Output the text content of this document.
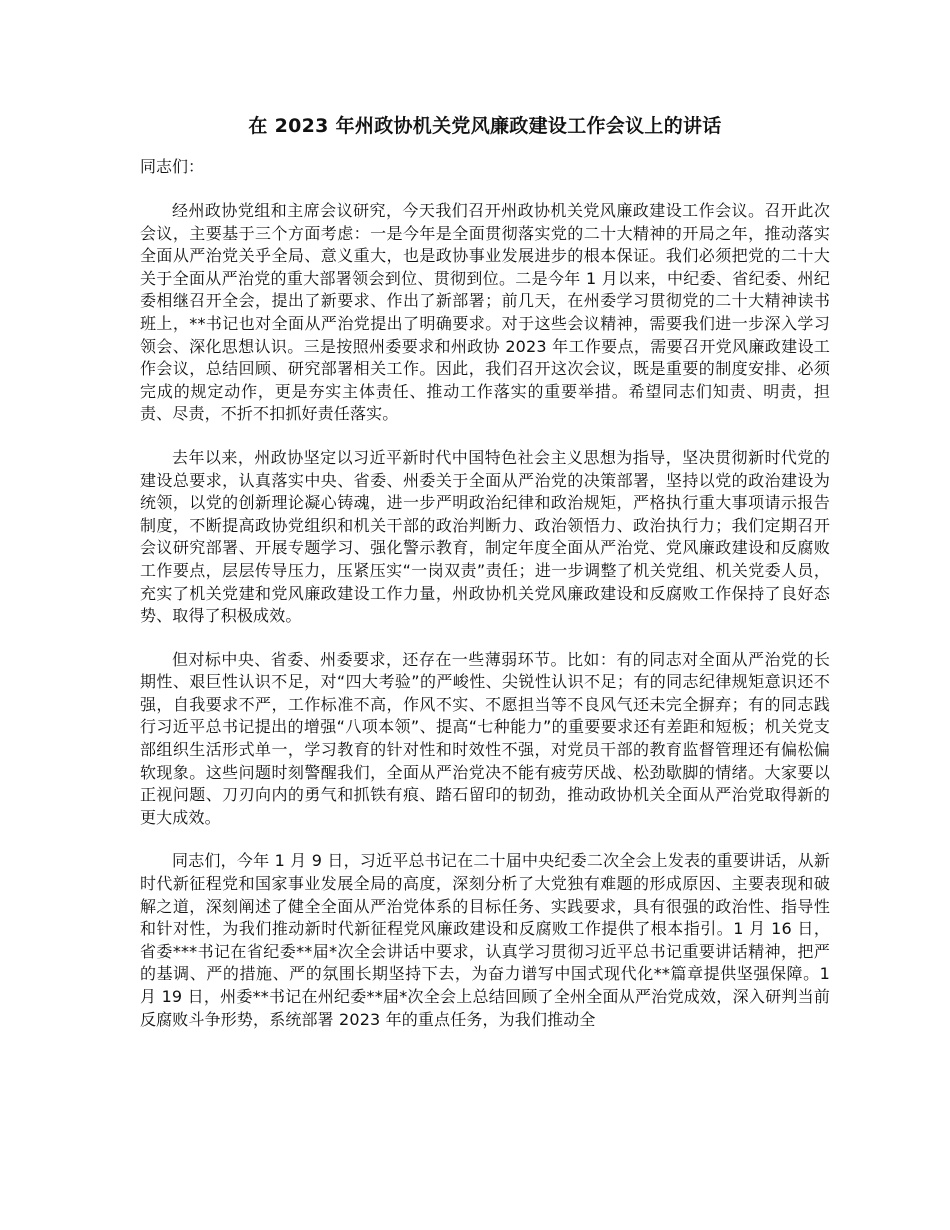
在 2023 年州政协机关党风廉政建设工作会议上的讲话

同志们：

经州政协党组和主席会议研究，今天我们召开州政协机关党风廉政建设工作会议。召开此次会议，主要基于三个方面考虑：一是今年是全面贯彻落实党的二十大精神的开局之年，推动落实全面从严治党关乎全局、意义重大，也是政协事业发展进步的根本保证。我们必须把党的二十大关于全面从严治党的重大部署领会到位、贯彻到位。二是今年 1 月以来，中纪委、省纪委、州纪委相继召开全会，提出了新要求、作出了新部署；前几天，在州委学习贯彻党的二十大精神读书班上，**书记也对全面从严治党提出了明确要求。对于这些会议精神，需要我们进一步深入学习领会、深化思想认识。三是按照州委要求和州政协 2023 年工作要点，需要召开党风廉政建设工作会议，总结回顾、研究部署相关工作。因此，我们召开这次会议，既是重要的制度安排、必须完成的规定动作，更是夯实主体责任、推动工作落实的重要举措。希望同志们知责、明责，担责、尽责，不折不扣抓好责任落实。

去年以来，州政协坚定以习近平新时代中国特色社会主义思想为指导，坚决贯彻新时代党的建设总要求，认真落实中央、省委、州委关于全面从严治党的决策部署，坚持以党的政治建设为统领，以党的创新理论凝心铸魂，进一步严明政治纪律和政治规矩，严格执行重大事项请示报告制度，不断提高政协党组织和机关干部的政治判断力、政治领悟力、政治执行力；我们定期召开会议研究部署、开展专题学习、强化警示教育，制定年度全面从严治党、党风廉政建设和反腐败工作要点，层层传导压力，压紧压实“一岗双责”责任；进一步调整了机关党组、机关党委人员，充实了机关党建和党风廉政建设工作力量，州政协机关党风廉政建设和反腐败工作保持了良好态势、取得了积极成效。

但对标中央、省委、州委要求，还存在一些薄弱环节。比如：有的同志对全面从严治党的长期性、艰巨性认识不足，对“四大考验”的严峻性、尖锐性认识不足；有的同志纪律规矩意识还不强，自我要求不严，工作标准不高，作风不实、不愿担当等不良风气还未完全摒弃；有的同志践行习近平总书记提出的增强“八项本领”、提高“七种能力”的重要要求还有差距和短板；机关党支部组织生活形式单一，学习教育的针对性和时效性不强，对党员干部的教育监督管理还有偏松偏软现象。这些问题时刻警醒我们，全面从严治党决不能有疲劳厌战、松劲歇脚的情绪。大家要以正视问题、刀刃向内的勇气和抓铁有痕、踏石留印的韧劲，推动政协机关全面从严治党取得新的更大成效。

同志们，今年 1 月 9 日，习近平总书记在二十届中央纪委二次全会上发表的重要讲话，从新时代新征程党和国家事业发展全局的高度，深刻分析了大党独有难题的形成原因、主要表现和破解之道，深刻阐述了健全全面从严治党体系的目标任务、实践要求，具有很强的政治性、指导性和针对性，为我们推动新时代新征程党风廉政建设和反腐败工作提供了根本指引。1 月 16 日，省委***书记在省纪委**届*次全会讲话中要求，认真学习贯彻习近平总书记重要讲话精神，把严的基调、严的措施、严的氛围长期坚持下去，为奋力谱写中国式现代化**篇章提供坚强保障。1 月 19 日，州委**书记在州纪委**届*次全会上总结回顾了全州全面从严治党成效，深入研判当前反腐败斗争形势，系统部署 2023 年的重点任务，为我们推动全
